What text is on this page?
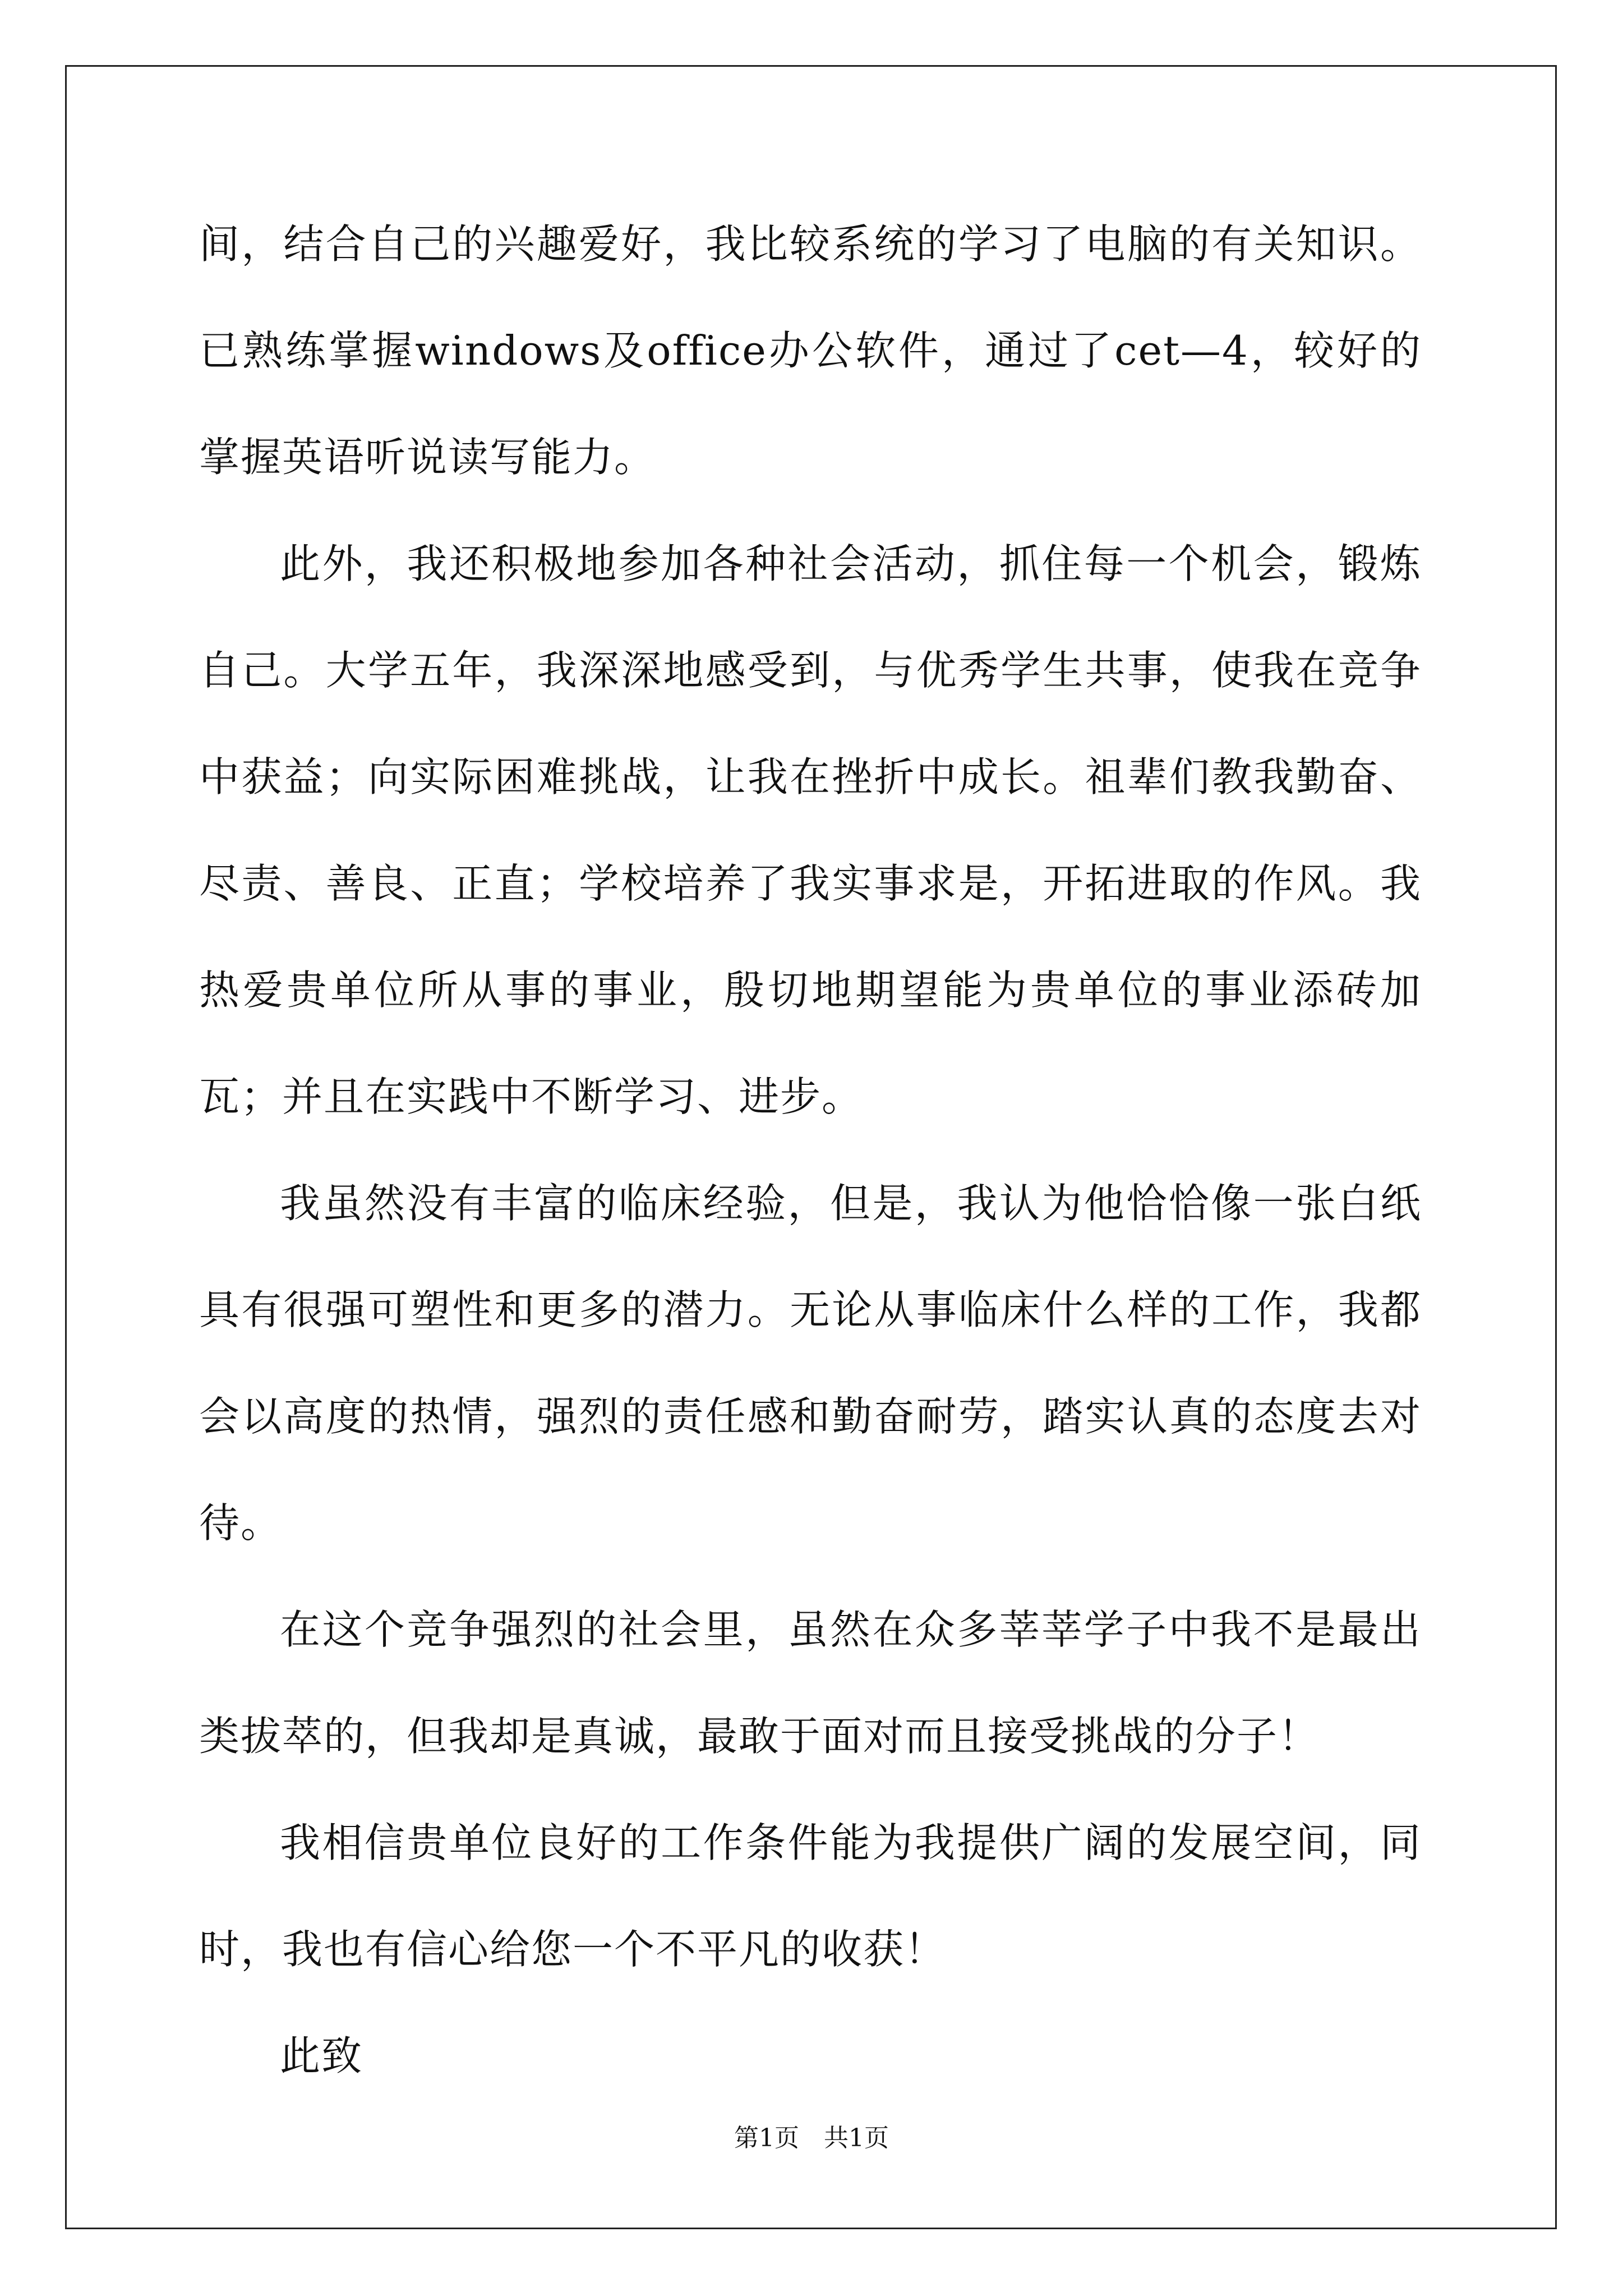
间，结合自己的兴趣爱好，我比较系统的学习了电脑的有关知识。已熟练掌握windows及office办公软件，通过了cet—4，较好的掌握英语听说读写能力。

此外，我还积极地参加各种社会活动，抓住每一个机会，锻炼自己。大学五年，我深深地感受到，与优秀学生共事，使我在竞争中获益；向实际困难挑战，让我在挫折中成长。祖辈们教我勤奋、尽责、善良、正直；学校培养了我实事求是，开拓进取的作风。我热爱贵单位所从事的事业，殷切地期望能为贵单位的事业添砖加瓦；并且在实践中不断学习、进步。

我虽然没有丰富的临床经验，但是，我认为他恰恰像一张白纸具有很强可塑性和更多的潜力。无论从事临床什么样的工作，我都会以高度的热情，强烈的责任感和勤奋耐劳，踏实认真的态度去对待。

在这个竞争强烈的社会里，虽然在众多莘莘学子中我不是最出类拔萃的，但我却是真诚，最敢于面对而且接受挑战的分子！

我相信贵单位良好的工作条件能为我提供广阔的发展空间，同时，我也有信心给您一个不平凡的收获！

此致

第1页　共1页
